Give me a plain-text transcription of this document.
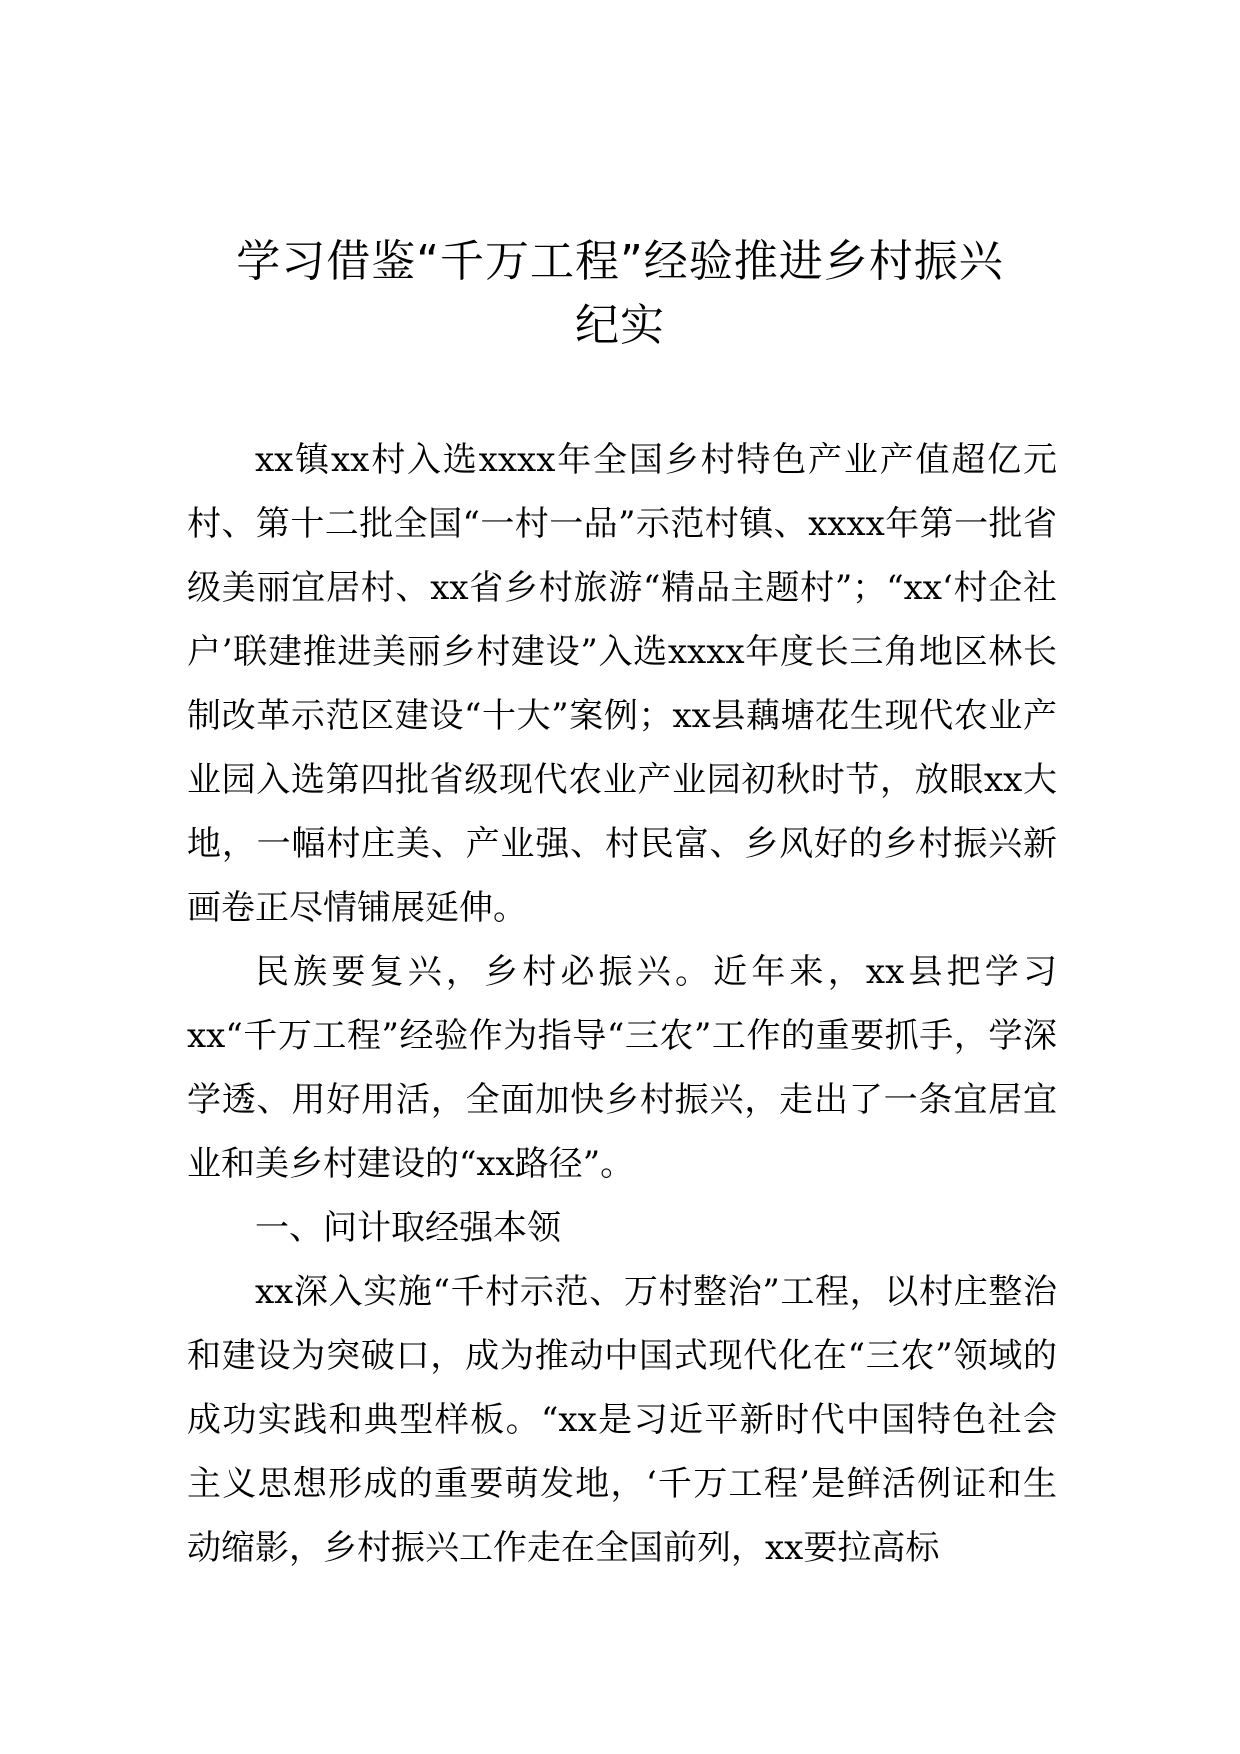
学习借鉴“千万工程”经验推进乡村振兴
纪实

xx镇xx村入选xxxx年全国乡村特色产业产值超亿元村、第十二批全国“一村一品”示范村镇、xxxx年第一批省级美丽宜居村、xx省乡村旅游“精品主题村”；“xx‘村企社户’联建推进美丽乡村建设”入选xxxx年度长三角地区林长制改革示范区建设“十大”案例；xx县藕塘花生现代农业产业园入选第四批省级现代农业产业园初秋时节，放眼xx大地，一幅村庄美、产业强、村民富、乡风好的乡村振兴新画卷正尽情铺展延伸。

民族要复兴，乡村必振兴。近年来，xx县把学习xx“千万工程”经验作为指导“三农”工作的重要抓手，学深学透、用好用活，全面加快乡村振兴，走出了一条宜居宜业和美乡村建设的“xx路径”。

一、问计取经强本领

xx深入实施“千村示范、万村整治”工程，以村庄整治和建设为突破口，成为推动中国式现代化在“三农”领域的成功实践和典型样板。“xx是习近平新时代中国特色社会主义思想形成的重要萌发地，‘千万工程’是鲜活例证和生动缩影，乡村振兴工作走在全国前列，xx要拉高标
